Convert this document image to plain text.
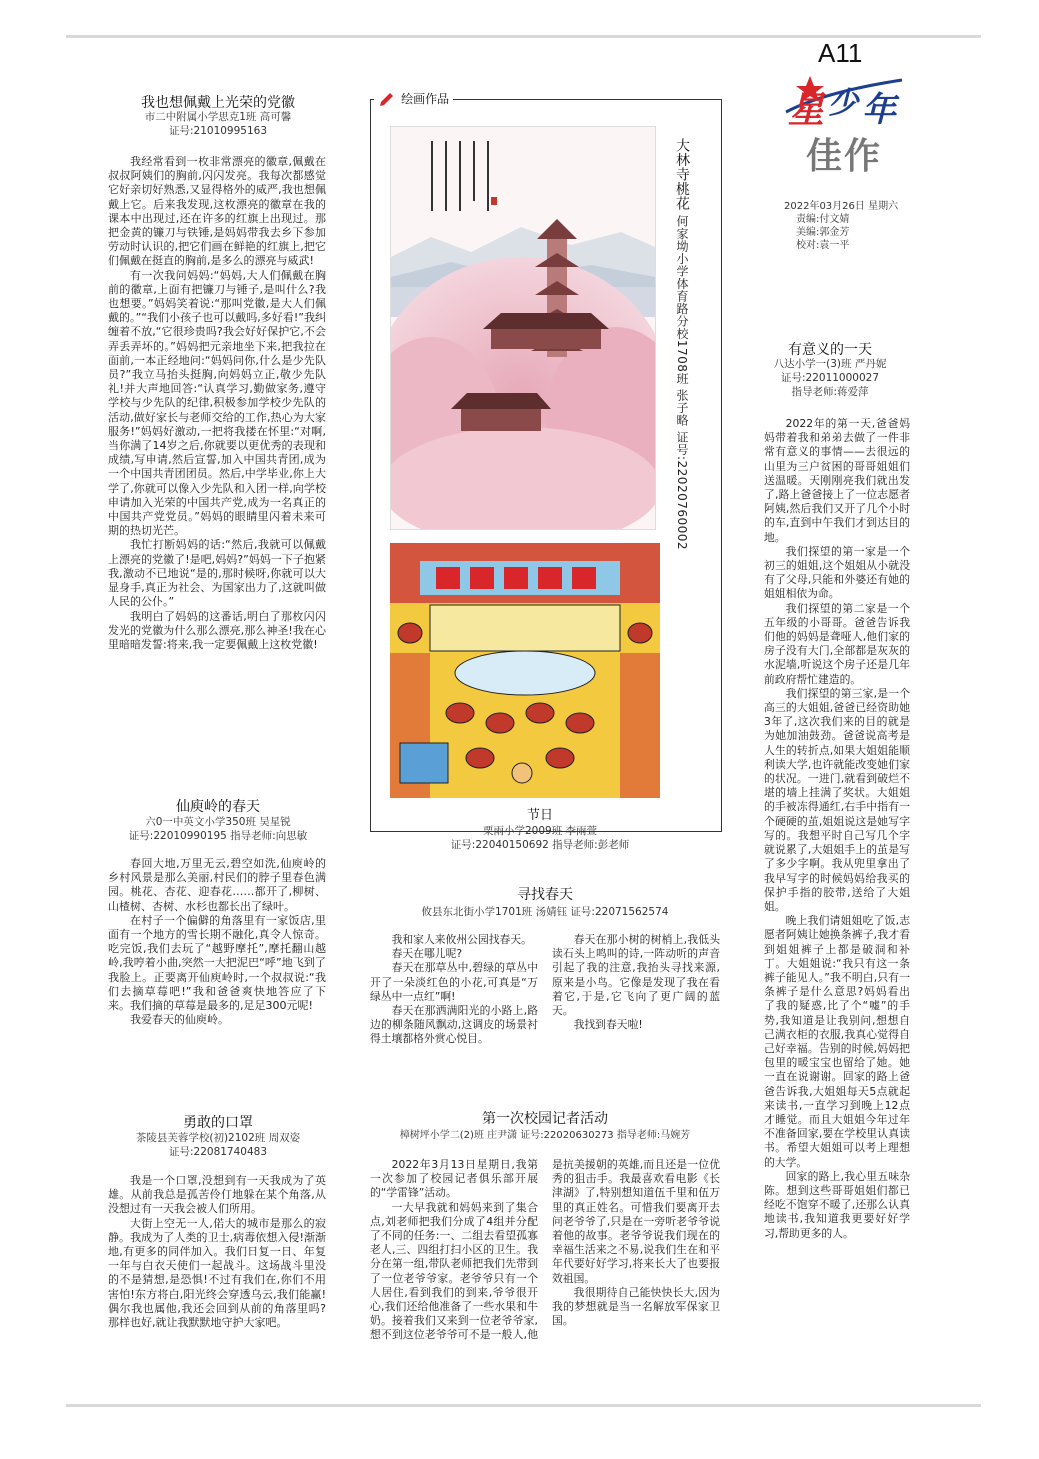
A11
星 少 年
佳作
2022年03月26日 星期六
责编:付文婧
美编:郭金芳
校对:袁一平
我也想佩戴上光荣的党徽
市二中附属小学思克1班 高可馨
证号:21010995163

我经常看到一枚非常漂亮的徽章,佩戴在叔叔阿姨们的胸前,闪闪发亮。我每次都感觉它好亲切好熟悉,又显得格外的威严,我也想佩戴上它。后来我发现,这枚漂亮的徽章在我的课本中出现过,还在许多的红旗上出现过。那把金黄的镰刀与铁锤,是妈妈带我去乡下参加劳动时认识的,把它们画在鲜艳的红旗上,把它们佩戴在挺直的胸前,是多么的漂亮与威武!

有一次我问妈妈:“妈妈,大人们佩戴在胸前的徽章,上面有把镰刀与锤子,是叫什么?我也想要。”妈妈笑着说:“那叫党徽,是大人们佩戴的。”“我们小孩子也可以戴吗,多好看!”我纠缠着不放,“它很珍贵吗?我会好好保护它,不会弄丢弄坏的。”妈妈把元亲地坐下来,把我拉在面前,一本正经地问:“妈妈问你,什么是少先队员?”我立马抬头挺胸,向妈妈立正,敬少先队礼!并大声地回答:“认真学习,勤做家务,遵守学校与少先队的纪律,积极参加学校少先队的活动,做好家长与老师交给的工作,热心为大家服务!”妈妈好激动,一把将我搂在怀里:“对啊,当你满了14岁之后,你就要以更优秀的表现和成绩,写申请,然后宣誓,加入中国共青团,成为一个中国共青团团员。然后,中学毕业,你上大学了,你就可以像入少先队和入团一样,向学校申请加入光荣的中国共产党,成为一名真正的中国共产党党员。”妈妈的眼睛里闪着未来可期的热切光芒。

我忙打断妈妈的话:“然后,我就可以佩戴上漂亮的党徽了!是吧,妈妈?”妈妈一下子抱紧我,激动不已地说“是的,那时候呀,你就可以大显身手,真正为社会、为国家出力了,这就叫做人民的公仆。”

我明白了妈妈的这番话,明白了那枚闪闪发光的党徽为什么那么漂亮,那么神圣!我在心里暗暗发誓:将来,我一定要佩戴上这枚党徽!

仙庾岭的春天
六0一中英文小学350班 吴星锐
证号:22010990195 指导老师:向思敏

春回大地,万里无云,碧空如洗,仙庾岭的乡村风景是那么美丽,村民们的脖子里春色满园。桃花、杏花、迎春花……都开了,柳树、山楂树、杏树、水杉也都长出了绿叶。

在村子一个偏僻的角落里有一家饭店,里面有一个地方的雪长期不融化,真令人惊奇。吃完饭,我们去玩了“越野摩托”,摩托翻山越岭,我哼着小曲,突然一大把泥巴“呼”地飞到了我脸上。正要离开仙庾岭时,一个叔叔说:“我们去摘草莓吧!”我和爸爸爽快地答应了下来。我们摘的草莓是最多的,足足300元呢!

我爱春天的仙庾岭。

勇敢的口罩
茶陵县芙蓉学校(初)2102班 周双姿
证号:22081740483

我是一个口罩,没想到有一天我成为了英雄。从前我总是孤苦伶仃地躲在某个角落,从没想过有一天我会被人们所用。

大街上空无一人,偌大的城市是那么的寂静。我成为了人类的卫士,病毒依想入侵!渐渐地,有更多的同伴加入。我们日复一日、年复一年与白衣天使们一起战斗。这场战斗里没的不是猜想,是恐惧!不过有我们在,你们不用害怕!东方将白,阳光终会穿透乌云,我们能赢!偶尔我也属他,我还会回到从前的角落里吗?那样也好,就让我默默地守护大家吧。

绘画作品
大林寺桃花 何家坳小学体育路分校1708班 张子略 证号:22020760002
节日
栗雨小学2009班 李雨萱
证号:22040150692 指导老师:彭老师
寻找春天
攸县东北街小学1701班 汤婧钰 证号:22071562574

我和家人来攸州公园找春天。

春天在哪儿呢?

春天在那草丛中,碧绿的草丛中开了一朵淡红色的小花,可真是“万绿丛中一点红”啊!

春天在那洒满阳光的小路上,路边的柳条随风飘动,这调皮的场景衬得土壤都格外赏心悦目。

春天在那小树的树梢上,我低头读石头上鸣叫的诗,一阵动听的声音引起了我的注意,我抬头寻找来源,原来是小鸟。它像是发现了我在看着它,于是,它飞向了更广阔的蓝天。

我找到春天啦!

第一次校园记者活动
樟树坪小学二(2)班 庄尹潇 证号:22020630273 指导老师:马婉芳

2022年3月13日星期日,我第一次参加了校园记者俱乐部开展的“学雷锋”活动。

一大早我就和妈妈来到了集合点,刘老师把我们分成了4组并分配了不同的任务:一、二组去看望孤寡老人,三、四组打扫小区的卫生。我分在第一组,带队老师把我们先带到了一位老爷爷家。老爷爷只有一个人居住,看到我们的到来,爷爷很开心,我们还给他准备了一些水果和牛奶。接着我们又来到一位老爷爷家,想不到这位老爷爷可不是一般人,他是抗美援朝的英雄,而且还是一位优秀的狙击手。我最喜欢看电影《长津湖》了,特别想知道伍千里和伍万里的真正姓名。可惜我们要离开去问老爷爷了,只是在一旁听老爷爷说着他的故事。老爷爷说我们现在的幸福生活来之不易,说我们生在和平年代要好好学习,将来长大了也要报效祖国。

我很期待自己能快快长大,因为我的梦想就是当一名解放军保家卫国。

有意义的一天
八达小学一(3)班 严丹妮
证号:22011000027
指导老师:蒋爱萍

2022年的第一天,爸爸妈妈带着我和弟弟去做了一件非常有意义的事情——去很远的山里为三户贫困的哥哥姐姐们送温暖。天刚刚亮我们就出发了,路上爸爸接上了一位志愿者阿姨,然后我们又开了几个小时的车,直到中午我们才到达目的地。

我们探望的第一家是一个初三的姐姐,这个姐姐从小就没有了父母,只能和外婆还有她的姐姐相依为命。

我们探望的第二家是一个五年级的小哥哥。爸爸告诉我们他的妈妈是聋哑人,他们家的房子没有大门,全部都是灰灰的水泥墙,听说这个房子还是几年前政府帮忙建造的。

我们探望的第三家,是一个高三的大姐姐,爸爸已经资助她3年了,这次我们来的目的就是为她加油鼓劲。爸爸说高考是人生的转折点,如果大姐姐能顺利读大学,也许就能改变她们家的状况。一进门,就看到破烂不堪的墙上挂满了奖状。大姐姐的手被冻得通红,右手中指有一个硬硬的茧,姐姐说这是她写字写的。我想平时自己写几个字就说累了,大姐姐手上的茧是写了多少字啊。我从兜里拿出了我早写字的时候妈妈给我买的保护手指的胶带,送给了大姐姐。

晚上我们请姐姐吃了饭,志愿者阿姨让她换条裤子,我才看到姐姐裤子上都是破洞和补丁。大姐姐说:“我只有这一条裤子能见人。”我不明白,只有一条裤子是什么意思?妈妈看出了我的疑惑,比了个“嘘”的手势,我知道是让我别问,想想自己满衣柜的衣服,我真心觉得自己好幸福。告别的时候,妈妈把包里的暖宝宝也留给了她。她一直在说谢谢。回家的路上爸爸告诉我,大姐姐每天5点就起来读书,一直学习到晚上12点才睡觉。而且大姐姐今年过年不准备回家,要在学校里认真读书。希望大姐姐可以考上理想的大学。

回家的路上,我心里五味杂陈。想到这些哥哥姐姐们都已经吃不饱穿不暖了,还那么认真地读书,我知道我更要好好学习,帮助更多的人。
